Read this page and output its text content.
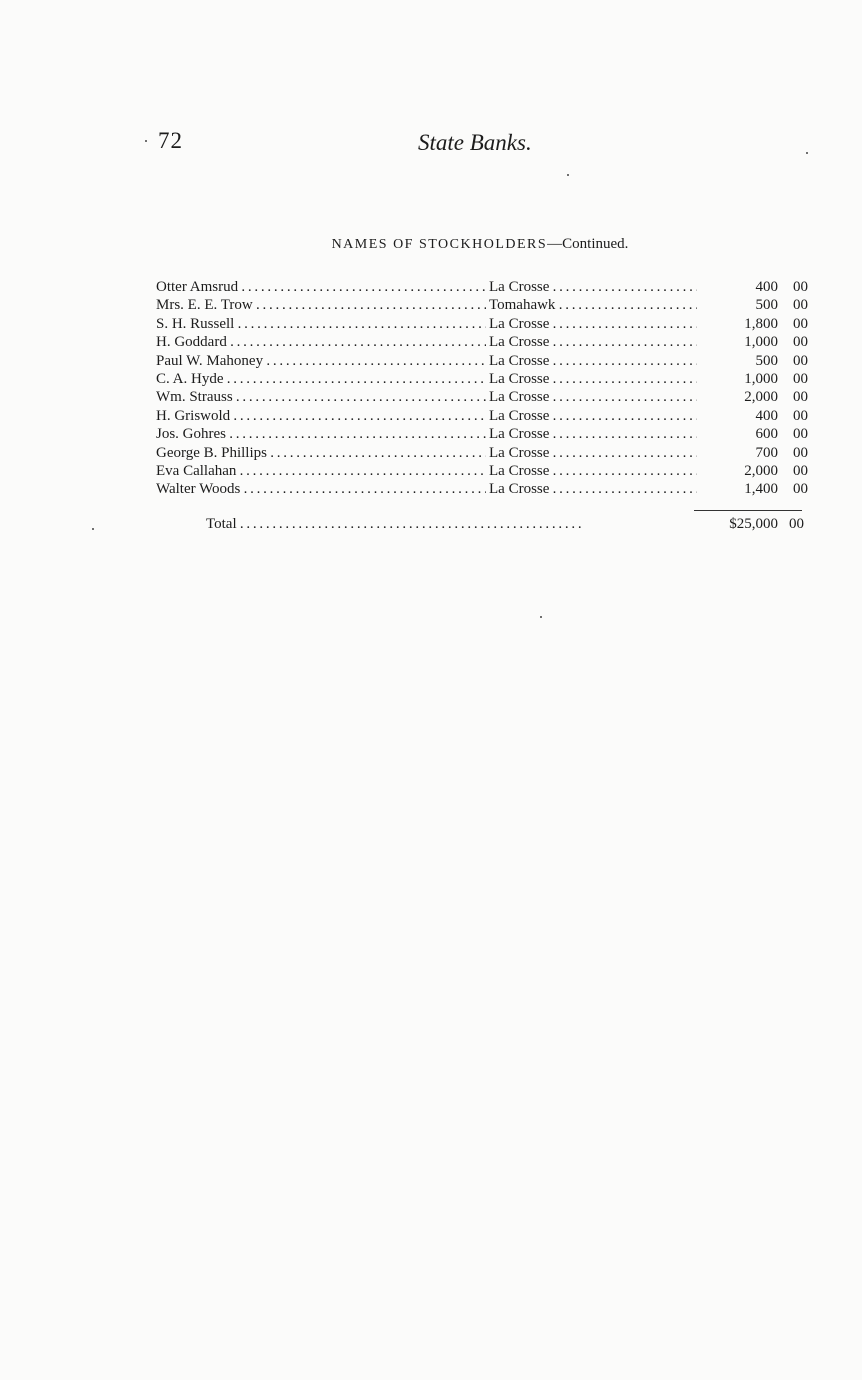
72	State Banks.
NAMES OF STOCKHOLDERS—Continued.
Otter Amsrud . . .	La Crosse . . .	400	00
Mrs. E. E. Trow . . .	Tomahawk . . .	500	00
S. H. Russell . . .	La Crosse . . .	1,800	00
H. Goddard . . .	La Crosse . . .	1,000	00
Paul W. Mahoney . . .	La Crosse . . .	500	00
C. A. Hyde . . .	La Crosse . . .	1,000	00
Wm. Strauss . . .	La Crosse . . .	2,000	00
H. Griswold . . .	La Crosse . . .	400	00
Jos. Gohres . . .	La Crosse . . .	600	00
George B. Phillips . . .	La Crosse . . .	700	00
Eva Callahan . . .	La Crosse . . .	2,000	00
Walter Woods . . .	La Crosse . . .	1,400	00
Total . . .	$25,000 00
